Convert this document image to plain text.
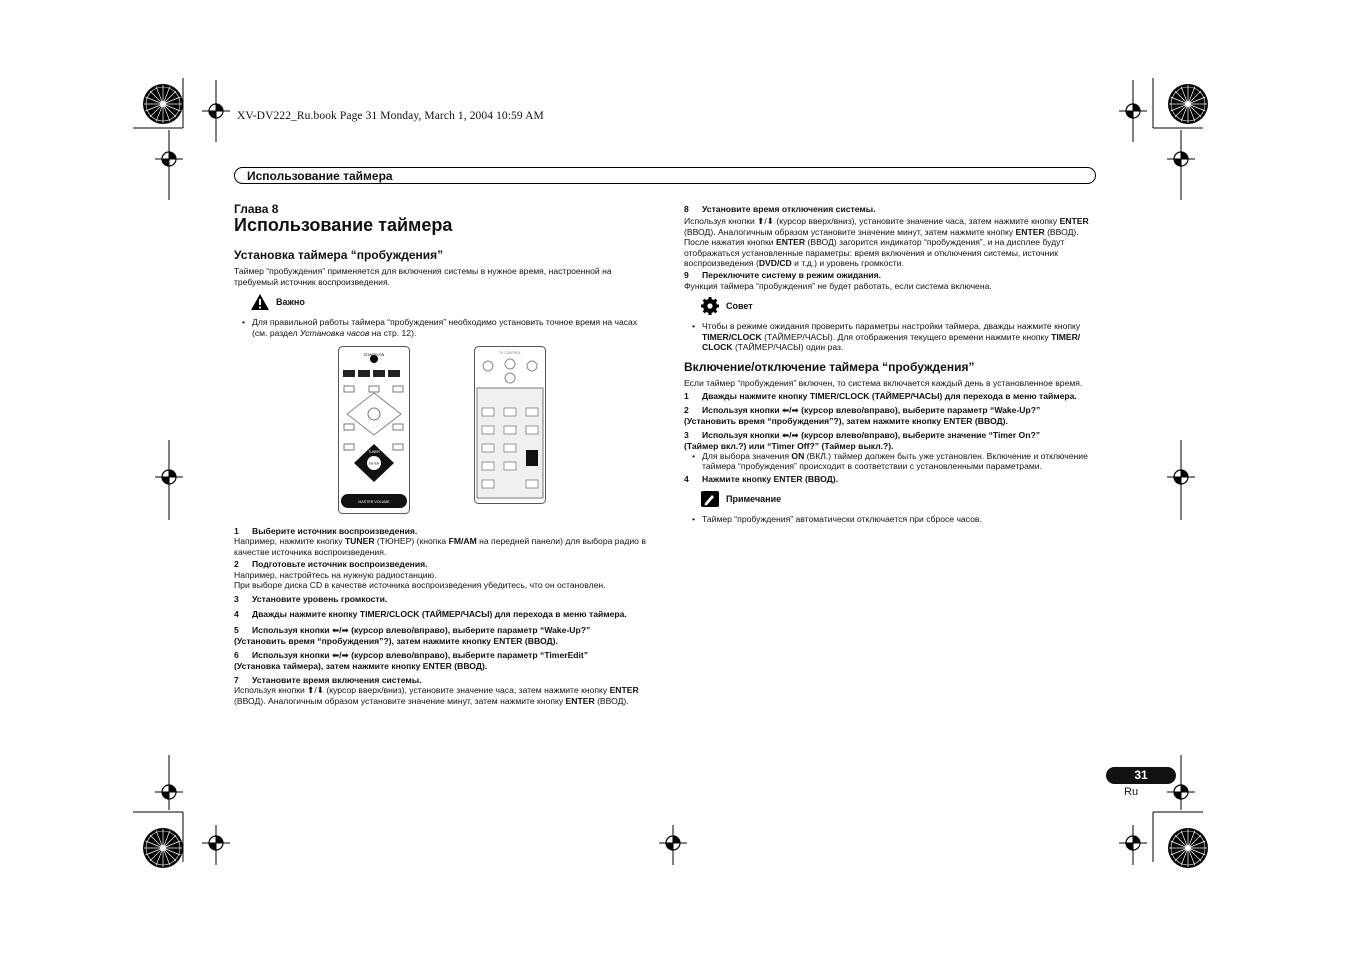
XV-DV222_Ru.book Page 31 Monday, March 1, 2004 10:59 AM
Использование таймера
Глава 8
Использование таймера
Установка таймера “пробуждения”

Таймер “пробуждения” применяется для включения системы в нужное время, настроенной на требуемый источник воспроизведения.

Важно

• Для правильной работы таймера “пробуждения” необходимо установить точное время на часах (см. раздел Установка часов на стр. 12).

MASTER VOLUME
STANDBY/ON
TUNER
ENTER
TV CONTROL

1 Выберите источник воспроизведения.

Например, нажмите кнопку TUNER (ТЮНЕР) (кнопка FM/AM на передней панели) для выбора радио в качестве источника воспроизведения.

2 Подготовьте источник воспроизведения.

Например, настройтесь на нужную радиостанцию.

При выборе диска CD в качестве источника воспроизведения убедитесь, что он остановлен.

3 Установите уровень громкости.

4 Дважды нажмите кнопку TIMER/CLOCK (ТАЙМЕР/ЧАСЫ) для перехода в меню таймера.

5 Используя кнопки ⬅/➡ (курсор влево/вправо), выберите параметр “Wake-Up?”

(Установить время “пробуждения”?), затем нажмите кнопку ENTER (ВВОД).

6 Используя кнопки ⬅/➡ (курсор влево/вправо), выберите параметр “TimerEdit”

(Установка таймера), затем нажмите кнопку ENTER (ВВОД).

7 Установите время включения системы.

Используя кнопки ⬆/⬇ (курсор вверх/вниз), установите значение часа, затем нажмите кнопку ENTER (ВВОД). Аналогичным образом установите значение минут, затем нажмите кнопку ENTER (ВВОД).

8 Установите время отключения системы.

Используя кнопки ⬆/⬇ (курсор вверх/вниз), установите значение часа, затем нажмите кнопку ENTER (ВВОД). Аналогичным образом установите значение минут, затем нажмите кнопку ENTER (ВВОД).

После нажатия кнопки ENTER (ВВОД) загорится индикатор “пробуждения”, и на дисплее будут отображаться установленные параметры: время включения и отключения системы, источник воспроизведения (DVD/CD и т.д.) и уровень громкости.

9 Переключите систему в режим ожидания.

Функция таймера “пробуждения” не будет работать, если система включена.

Совет

• Чтобы в режиме ожидания проверить параметры настройки таймера, дважды нажмите кнопку TIMER/CLOCK (ТАЙМЕР/ЧАСЫ). Для отображения текущего времени нажмите кнопку TIMER/ CLOCK (ТАЙМЕР/ЧАСЫ) один раз.

Включение/отключение таймера “пробуждения”

Если таймер “пробуждения” включен, то система включается каждый день в установленное время.

1 Дважды нажмите кнопку TIMER/CLOCK (ТАЙМЕР/ЧАСЫ) для перехода в меню таймера.

2 Используя кнопки ⬅/➡ (курсор влево/вправо), выберите параметр “Wake-Up?”

(Установить время “пробуждения”?), затем нажмите кнопку ENTER (ВВОД).

3 Используя кнопки ⬅/➡ (курсор влево/вправо), выберите значение “Timer On?”

(Таймер вкл.?) или “Timer Off?” (Таймер выкл.?).

• Для выбора значения ON (ВКЛ.) таймер должен быть уже установлен. Включение и отключение таймера “пробуждения” происходит в соответствии с установленными параметрами.

4 Нажмите кнопку ENTER (ВВОД).

Примечание

• Таймер “пробуждения” автоматически отключается при сбросе часов.

31
Ru
